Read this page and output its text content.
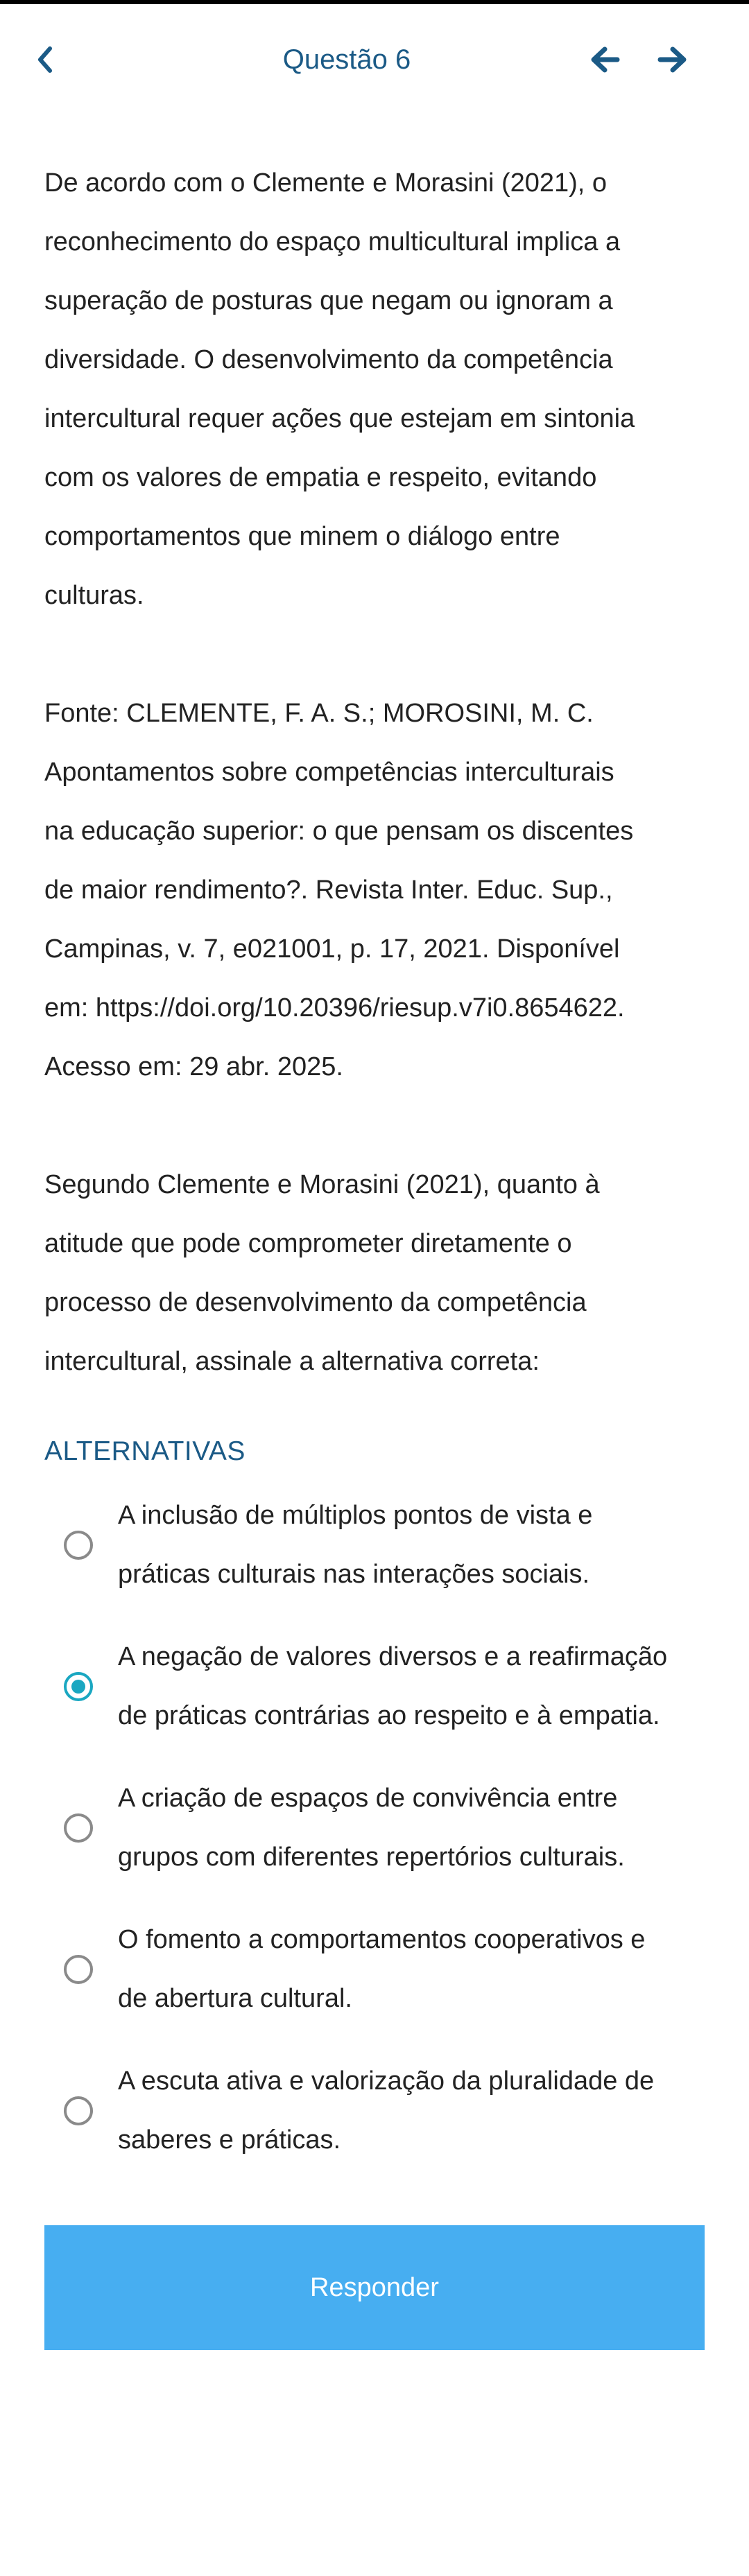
Questão 6

De acordo com o Clemente e Morasini (2021), o
reconhecimento do espaço multicultural implica a
superação de posturas que negam ou ignoram a
diversidade. O desenvolvimento da competência
intercultural requer ações que estejam em sintonia
com os valores de empatia e respeito, evitando
comportamentos que minem o diálogo entre
culturas.

Fonte: CLEMENTE, F. A. S.; MOROSINI, M. C.
Apontamentos sobre competências interculturais
na educação superior: o que pensam os discentes
de maior rendimento?. Revista Inter. Educ. Sup.,
Campinas, v. 7, e021001, p. 17, 2021. Disponível
em: https://doi.org/10.20396/riesup.v7i0.8654622.
Acesso em: 29 abr. 2025.

Segundo Clemente e Morasini (2021), quanto à
atitude que pode comprometer diretamente o
processo de desenvolvimento da competência
intercultural, assinale a alternativa correta:

ALTERNATIVAS
A inclusão de múltiplos pontos de vista e
práticas culturais nas interações sociais.
A negação de valores diversos e a reafirmação
de práticas contrárias ao respeito e à empatia.
A criação de espaços de convivência entre
grupos com diferentes repertórios culturais.
O fomento a comportamentos cooperativos e
de abertura cultural.
A escuta ativa e valorização da pluralidade de
saberes e práticas.
Responder
